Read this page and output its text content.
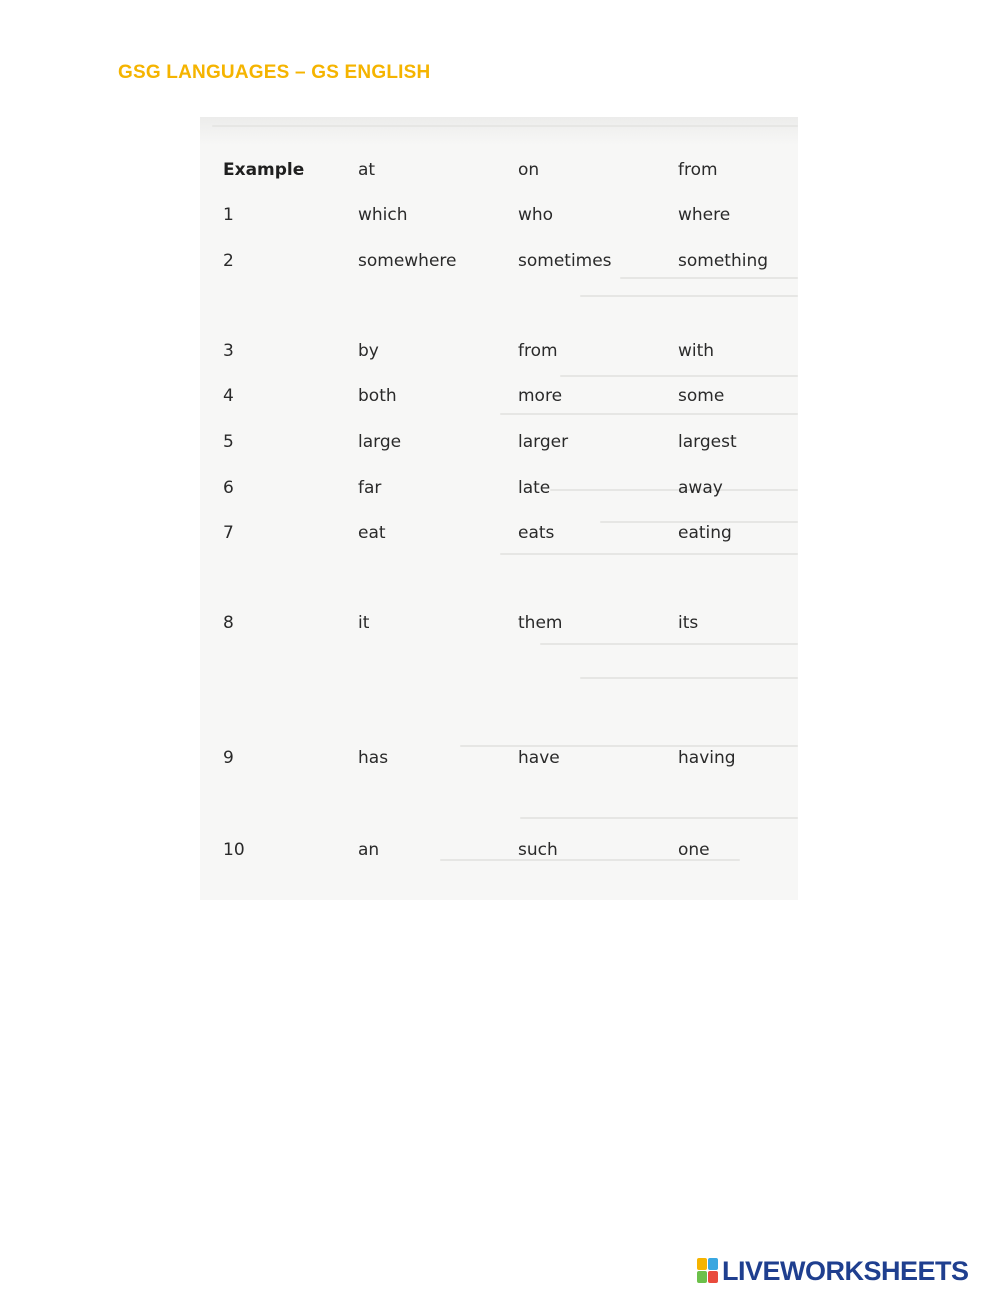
GSG LANGUAGES – GS ENGLISH
Example	at	on	from
1	which	who	where
2	somewhere	sometimes	something
3	by	from	with
4	both	more	some
5	large	larger	largest
6	far	late	away
7	eat	eats	eating
8	it	them	its
9	has	have	having
10	an	such	one
LIVEWORKSHEETS
